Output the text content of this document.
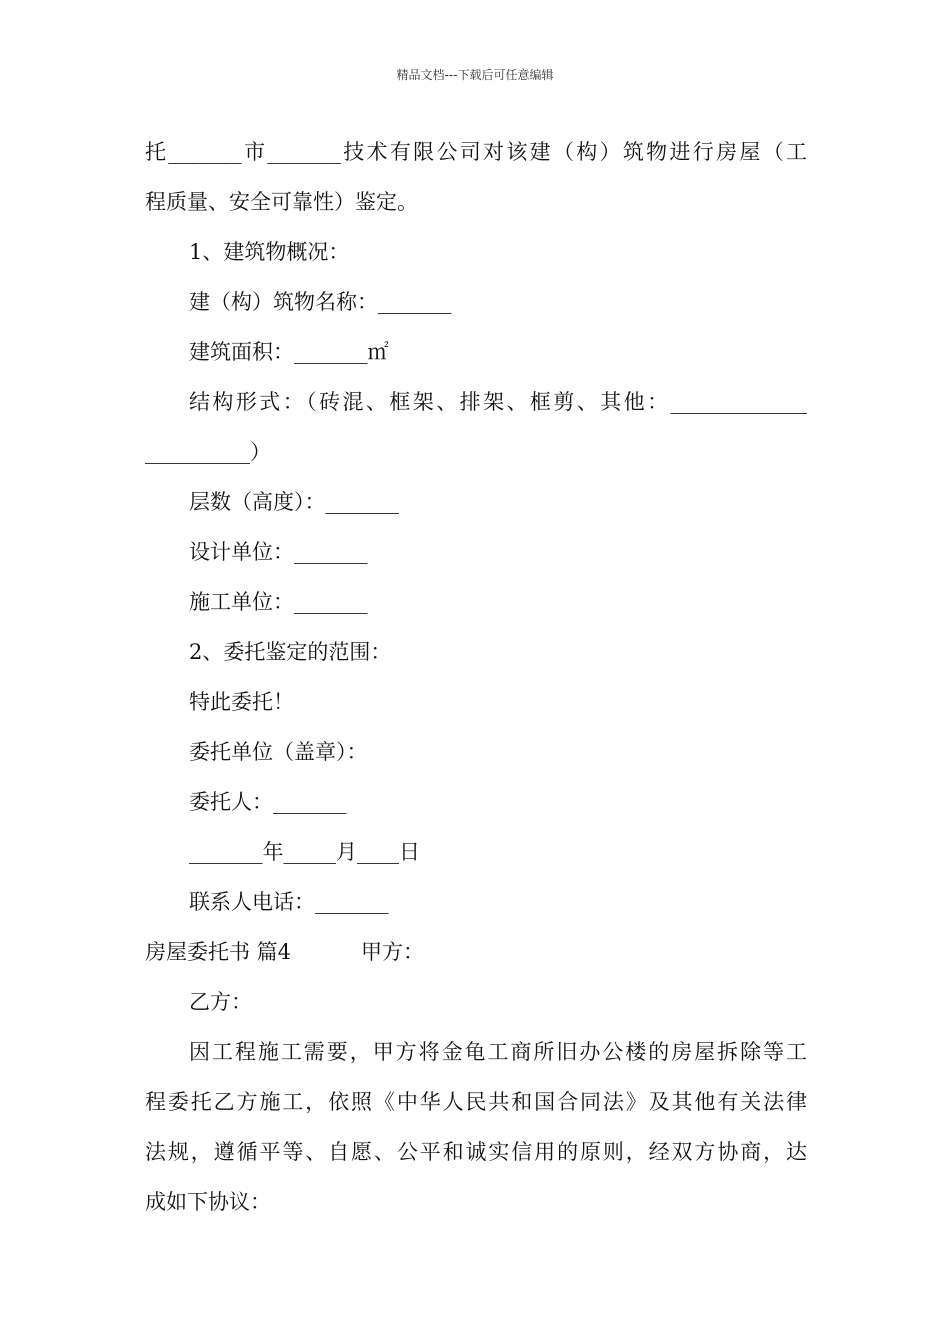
精品文档---下载后可任意编辑
托_______市_______技术有限公司对该建（构）筑物进行房屋（工
程质量、安全可靠性）鉴定。
1、建筑物概况：
建（构）筑物名称：_______
建筑面积：_______㎡
结构形式：（砖混、框架、排架、框剪、其他：_____________
__________）
层数（高度）：_______
设计单位：_______
施工单位：_______
2、委托鉴定的范围：
特此委托！
委托单位（盖章）：
委托人：_______
_______年_____月____日
联系人电话：_______
房屋委托书 篇4	甲方：
乙方：
因工程施工需要，甲方将金龟工商所旧办公楼的房屋拆除等工
程委托乙方施工，依照《中华人民共和国合同法》及其他有关法律
法规，遵循平等、自愿、公平和诚实信用的原则，经双方协商，达
成如下协议：
